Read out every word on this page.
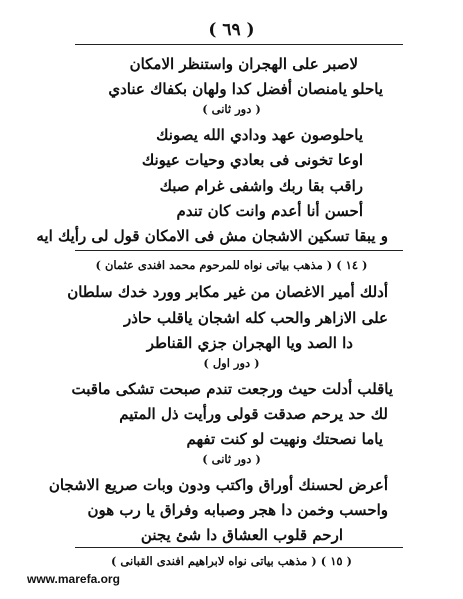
( ٦٩ )
لاصبر على الهجران واستنظر الامكان
ياحلو يامنصان أفضل كدا ولهان بكفاك عنادي
( دور ثانى )
ياحلوصون عهد ودادي الله يصونك
اوعا تخونى فى بعادي وحيات عيونك
راقب بقا ربك واشفى غرام صبك
أحسن أنا أعدم وانت كان تندم
و يبقا تسكين الاشجان مش فى الامكان قول لى رأيك ايه
( ١٤ ) ( مذهب بياتى نواه للمرحوم محمد افندى عثمان )
أدلك أمير الاغصان من غير مكابر وورد خدك سلطان
على الازاهر والحب كله اشجان ياقلب حاذر
دا الصد ويا الهجران جزي القناطر
( دور اول )
ياقلب أدلت حيث ورجعت تندم صبحت تشكى ماقبت
لك حد يرحم صدقت قولى ورأيت ذل المتيم
ياما نصحتك ونهيت لو كنت تفهم
( دور ثانى )
أعرض لحسنك أوراق واكتب ودون وبات صريع الاشجان
واحسب وخمن دا هجر وصبابه وفراق يا رب هون
ارحم قلوب العشاق دا شئ يجنن
( ١٥ ) ( مذهب بياتى نواه لابراهيم افندى القبانى )
www.marefa.org
